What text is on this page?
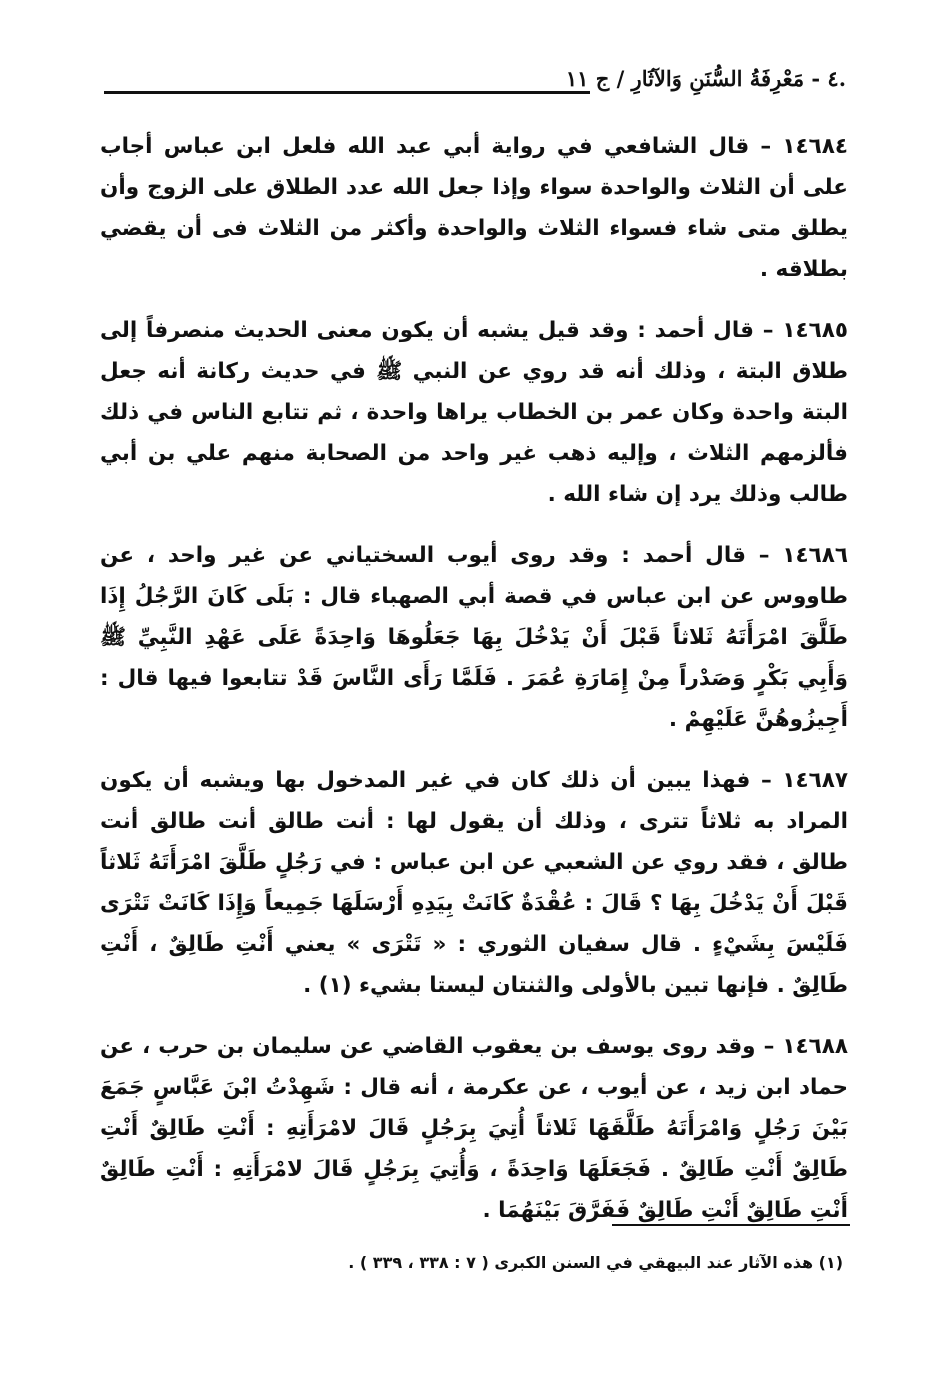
.٤ - مَعْرِفَةُ السُّنَنِ وَالآثَارِ / ج ١١

١٤٦٨٤ – قال الشافعي في رواية أبي عبد الله فلعل ابن عباس أجاب على أن الثلاث والواحدة سواء وإذا جعل الله عدد الطلاق على الزوج وأن يطلق متى شاء فسواء الثلاث والواحدة وأكثر من الثلاث فى أن يقضي بطلاقه .

١٤٦٨٥ – قال أحمد : وقد قيل يشبه أن يكون معنى الحديث منصرفاً إلى طلاق البتة ، وذلك أنه قد روي عن النبي ﷺ في حديث ركانة أنه جعل البتة واحدة وكان عمر بن الخطاب يراها واحدة ، ثم تتابع الناس في ذلك فألزمهم الثلاث ، وإليه ذهب غير واحد من الصحابة منهم علي بن أبي طالب وذلك يرد إن شاء الله .

١٤٦٨٦ – قال أحمد : وقد روى أيوب السختياني عن غير واحد ، عن طاووس عن ابن عباس في قصة أبي الصهباء قال : بَلَى كَانَ الرَّجُلُ إِذَا طَلَّقَ امْرَأَتَهُ ثَلاثاً قَبْلَ أَنْ يَدْخُلَ بِهَا جَعَلُوهَا وَاحِدَةً عَلَى عَهْدِ النَّبِيِّ ﷺ وَأَبِي بَكْرٍ وَصَدْراً مِنْ إِمَارَةِ عُمَرَ . فَلَمَّا رَأَى النَّاسَ قَدْ تتابعوا فيها قال : أَجِيزُوهُنَّ عَلَيْهِمْ .

١٤٦٨٧ – فهذا يبين أن ذلك كان في غير المدخول بها ويشبه أن يكون المراد به ثلاثاً تترى ، وذلك أن يقول لها : أنت طالق أنت طالق أنت طالق ، فقد روي عن الشعبي عن ابن عباس : في رَجُلٍ طَلَّقَ امْرَأَتَهُ ثَلاثاً قَبْلَ أَنْ يَدْخُلَ بِهَا ؟ قَالَ : عُقْدَةٌ كَانَتْ بِيَدِهِ أَرْسَلَهَا جَمِيعاً وَإِذَا كَانَتْ تَتْرَى فَلَيْسَ بِشَيْءٍ . قال سفيان الثوري : « تَتْرَى » يعني أَنْتِ طَالِقٌ ، أَنْتِ طَالِقٌ . فإنها تبين بالأولى والثنتان ليستا بشيء (١) .

١٤٦٨٨ – وقد روى يوسف بن يعقوب القاضي عن سليمان بن حرب ، عن حماد ابن زيد ، عن أيوب ، عن عكرمة ، أنه قال : شَهِدْتُ ابْنَ عَبَّاسٍ جَمَعَ بَيْنَ رَجُلٍ وَامْرَأَتَهُ طَلَّقَهَا ثَلاثاً أُتِيَ بِرَجُلٍ قَالَ لامْرَأَتِهِ : أَنْتِ طَالِقٌ أَنْتِ طَالِقٌ أَنْتِ طَالِقٌ . فَجَعَلَهَا وَاحِدَةً ، وَأُتِيَ بِرَجُلٍ قَالَ لامْرَأَتِهِ : أَنْتِ طَالِقٌ أَنْتِ طَالِقٌ أَنْتِ طَالِقٌ فَفَرَّقَ بَيْنَهُمَا .

(١) هذه الآثار عند البيهقي في السنن الكبرى ( ٧ : ٣٣٨ ، ٣٣٩ ) .
